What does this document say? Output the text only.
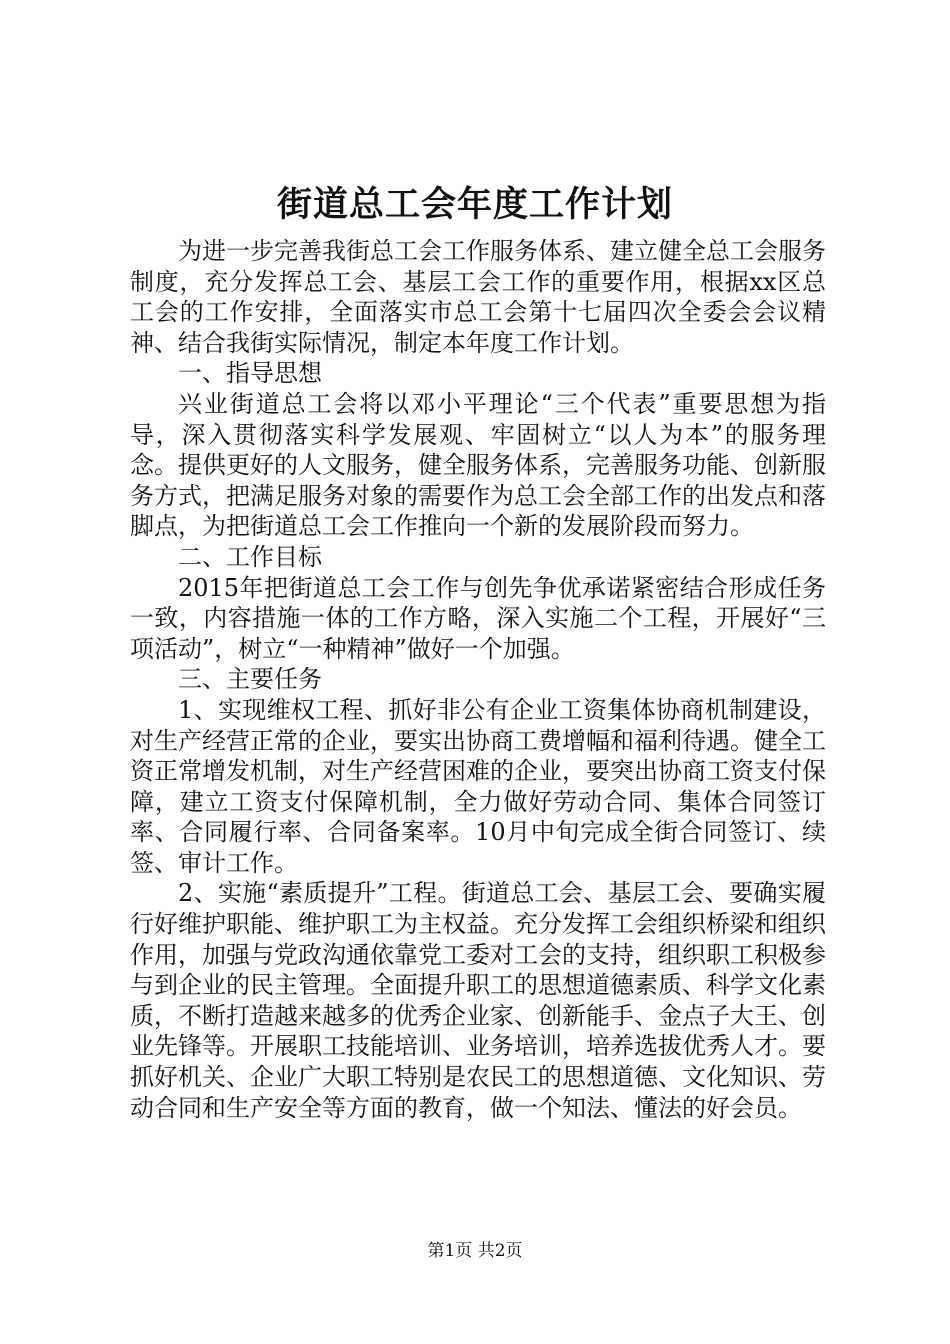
街道总工会年度工作计划

为进一步完善我街总工会工作服务体系、建立健全总工会服务制度，充分发挥总工会、基层工会工作的重要作用，根据xx区总工会的工作安排，全面落实市总工会第十七届四次全委会会议精神、结合我街实际情况，制定本年度工作计划。

一、指导思想

兴业街道总工会将以邓小平理论“三个代表”重要思想为指导，深入贯彻落实科学发展观、牢固树立“以人为本”的服务理念。提供更好的人文服务，健全服务体系，完善服务功能、创新服务方式，把满足服务对象的需要作为总工会全部工作的出发点和落脚点，为把街道总工会工作推向一个新的发展阶段而努力。

二、工作目标

2015年把街道总工会工作与创先争优承诺紧密结合形成任务一致，内容措施一体的工作方略，深入实施二个工程，开展好“三项活动”，树立“一种精神”做好一个加强。

三、主要任务

1、实现维权工程、抓好非公有企业工资集体协商机制建设，对生产经营正常的企业，要实出协商工费增幅和福利待遇。健全工资正常增发机制，对生产经营困难的企业，要突出协商工资支付保障，建立工资支付保障机制，全力做好劳动合同、集体合同签订率、合同履行率、合同备案率。10月中旬完成全街合同签订、续签、审计工作。

2、实施“素质提升”工程。街道总工会、基层工会、要确实履行好维护职能、维护职工为主权益。充分发挥工会组织桥梁和组织作用，加强与党政沟通依靠党工委对工会的支持，组织职工积极参与到企业的民主管理。全面提升职工的思想道德素质、科学文化素质，不断打造越来越多的优秀企业家、创新能手、金点子大王、创业先锋等。开展职工技能培训、业务培训，培养选拔优秀人才。要抓好机关、企业广大职工特别是农民工的思想道德、文化知识、劳动合同和生产安全等方面的教育，做一个知法、懂法的好会员。

第1页 共2页
